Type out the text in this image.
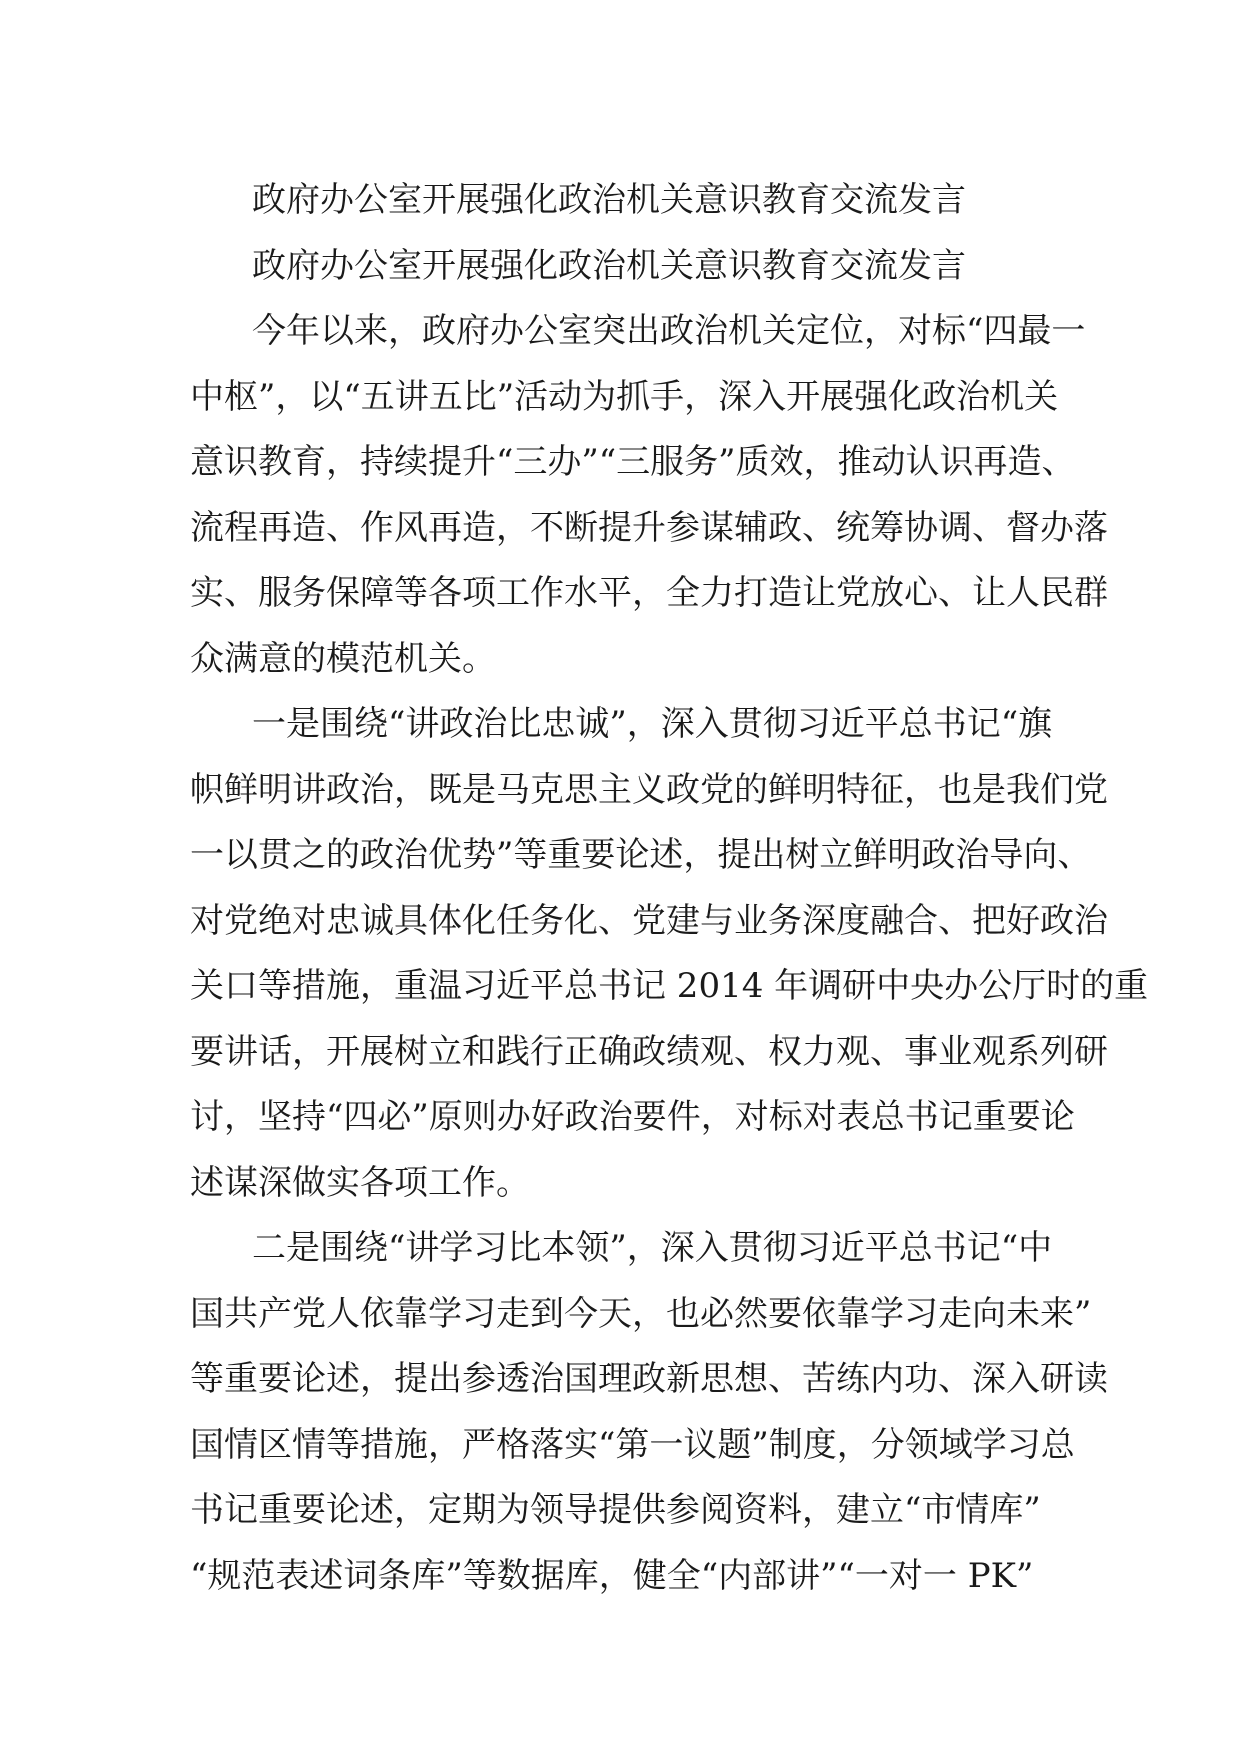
政府办公室开展强化政治机关意识教育交流发言
政府办公室开展强化政治机关意识教育交流发言
今年以来，政府办公室突出政治机关定位，对标“四最一
中枢”，以“五讲五比”活动为抓手，深入开展强化政治机关
意识教育，持续提升“三办”“三服务”质效，推动认识再造、
流程再造、作风再造，不断提升参谋辅政、统筹协调、督办落
实、服务保障等各项工作水平，全力打造让党放心、让人民群
众满意的模范机关。
一是围绕“讲政治比忠诚”，深入贯彻习近平总书记“旗
帜鲜明讲政治，既是马克思主义政党的鲜明特征，也是我们党
一以贯之的政治优势”等重要论述，提出树立鲜明政治导向、
对党绝对忠诚具体化任务化、党建与业务深度融合、把好政治
关口等措施，重温习近平总书记 2014 年调研中央办公厅时的重
要讲话，开展树立和践行正确政绩观、权力观、事业观系列研
讨，坚持“四必”原则办好政治要件，对标对表总书记重要论
述谋深做实各项工作。
二是围绕“讲学习比本领”，深入贯彻习近平总书记“中
国共产党人依靠学习走到今天，也必然要依靠学习走向未来”
等重要论述，提出参透治国理政新思想、苦练内功、深入研读
国情区情等措施，严格落实“第一议题”制度，分领域学习总
书记重要论述，定期为领导提供参阅资料，建立“市情库”
“规范表述词条库”等数据库，健全“内部讲”“一对一 PK”
